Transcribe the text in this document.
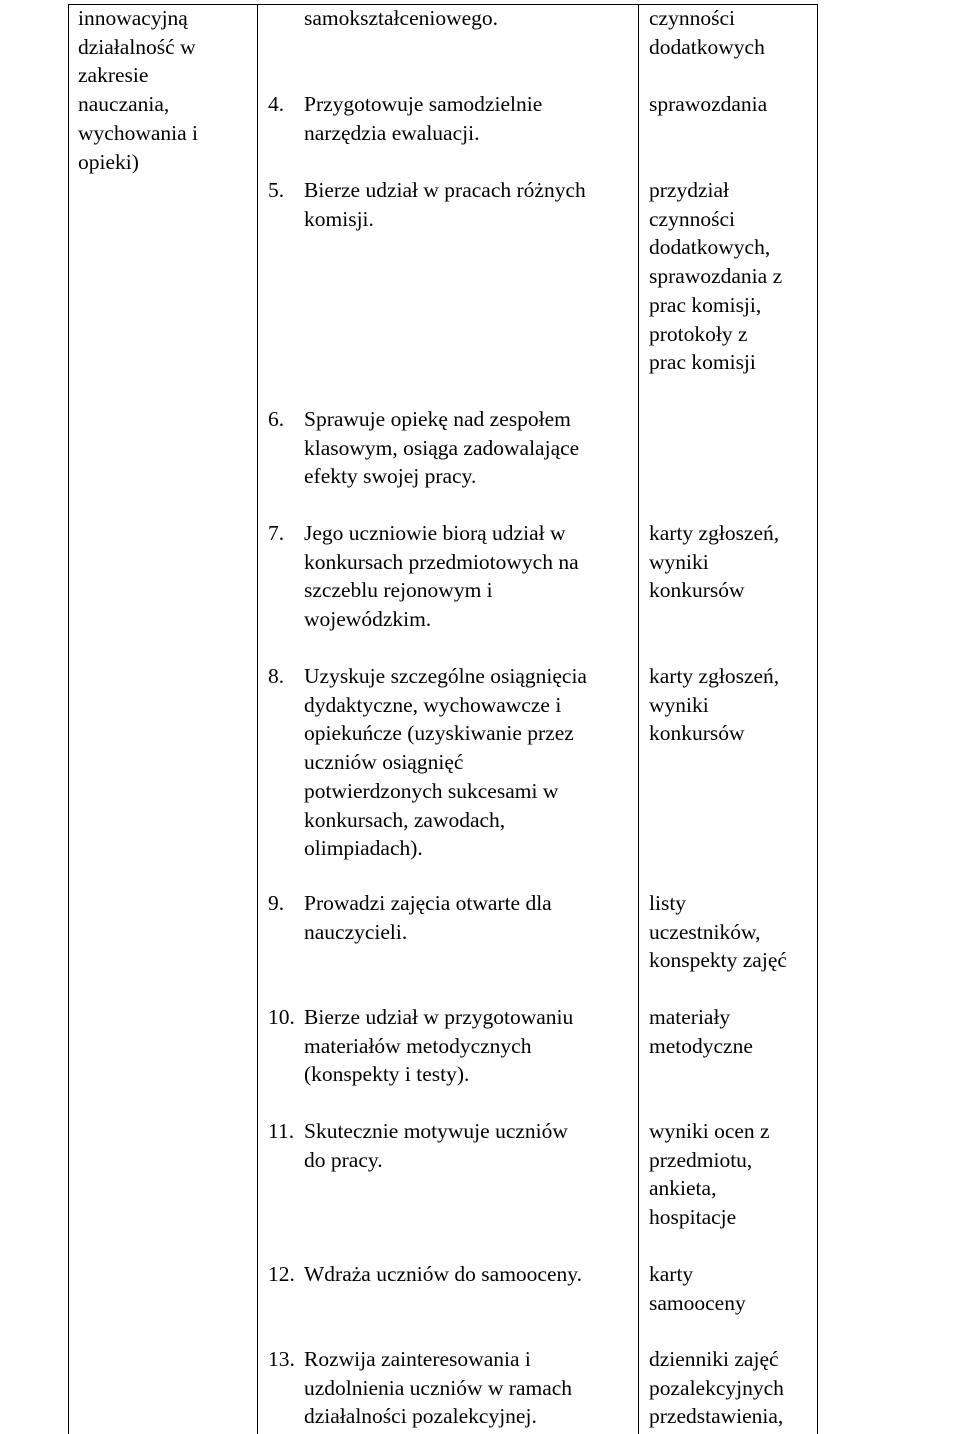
innowacyjną
działalność w
zakresie
nauczania,
wychowania i
opieki)
samokształceniowego.
4. Przygotowuje samodzielnie
narzędzia ewaluacji.
5. Bierze udział w pracach różnych
komisji.
6. Sprawuje opiekę nad zespołem
klasowym, osiąga zadowalające
efekty swojej pracy.
7. Jego uczniowie biorą udział w
konkursach przedmiotowych na
szczeblu rejonowym i
wojewódzkim.
8. Uzyskuje szczególne osiągnięcia
dydaktyczne, wychowawcze i
opiekuńcze (uzyskiwanie przez
uczniów osiągnięć
potwierdzonych sukcesami w
konkursach, zawodach,
olimpiadach).
9. Prowadzi zajęcia otwarte dla
nauczycieli.
10. Bierze udział w przygotowaniu
materiałów metodycznych
(konspekty i testy).
11. Skutecznie motywuje uczniów
do pracy.
12. Wdraża uczniów do samooceny.
13. Rozwija zainteresowania i
uzdolnienia uczniów w ramach
działalności pozalekcyjnej.
czynności
dodatkowych
sprawozdania
przydział
czynności
dodatkowych,
sprawozdania z
prac komisji,
protokoły z
prac komisji
karty zgłoszeń,
wyniki
konkursów
karty zgłoszeń,
wyniki
konkursów
listy
uczestników,
konspekty zajęć
materiały
metodyczne
wyniki ocen z
przedmiotu,
ankieta,
hospitacje
karty
samooceny
dzienniki zajęć
pozalekcyjnych
przedstawienia,
